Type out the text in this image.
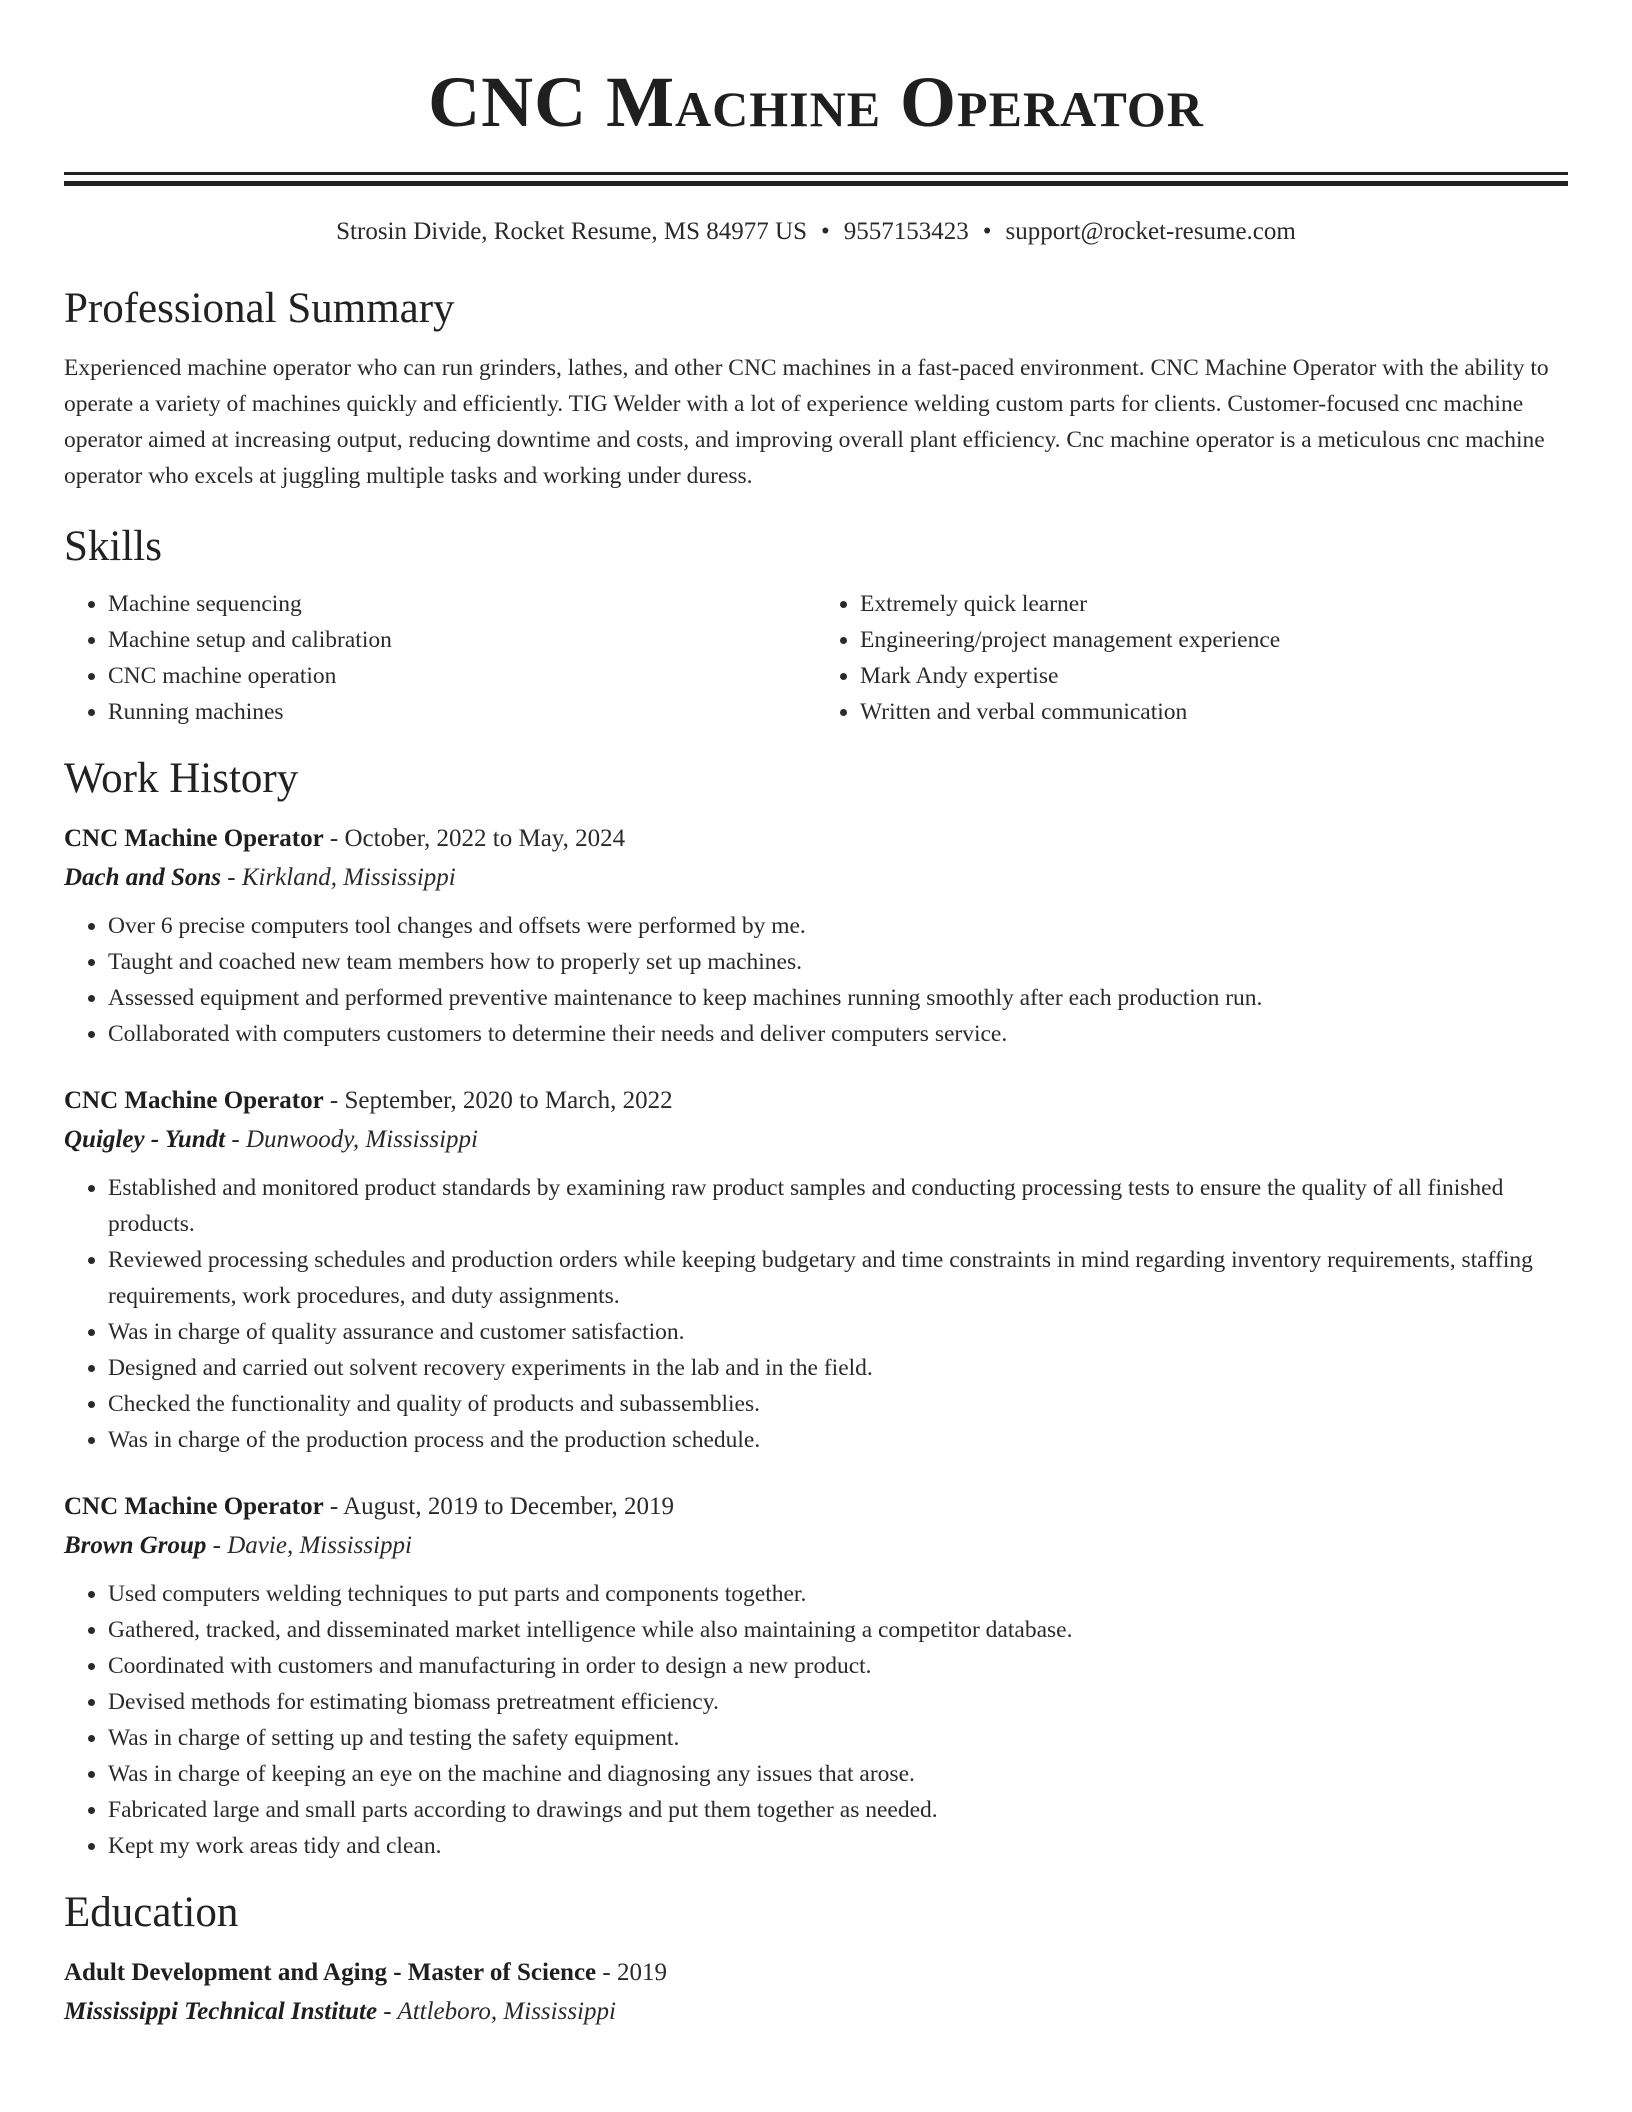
CNC Machine Operator
Strosin Divide, Rocket Resume, MS 84977 US • 9557153423 • support@rocket-resume.com
Professional Summary

Experienced machine operator who can run grinders, lathes, and other CNC machines in a fast-paced environment. CNC Machine Operator with the ability to operate a variety of machines quickly and efficiently. TIG Welder with a lot of experience welding custom parts for clients. Customer-focused cnc machine operator aimed at increasing output, reducing downtime and costs, and improving overall plant efficiency. Cnc machine operator is a meticulous cnc machine operator who excels at juggling multiple tasks and working under duress.

Skills
• Machine sequencing
• Machine setup and calibration
• CNC machine operation
• Running machines
• Extremely quick learner
• Engineering/project management experience
• Mark Andy expertise
• Written and verbal communication
Work History
CNC Machine Operator - October, 2022 to May, 2024
Dach and Sons - Kirkland, Mississippi
• Over 6 precise computers tool changes and offsets were performed by me.
• Taught and coached new team members how to properly set up machines.
• Assessed equipment and performed preventive maintenance to keep machines running smoothly after each production run.
• Collaborated with computers customers to determine their needs and deliver computers service.
CNC Machine Operator - September, 2020 to March, 2022
Quigley - Yundt - Dunwoody, Mississippi
• Established and monitored product standards by examining raw product samples and conducting processing tests to ensure the quality of all finished products.
• Reviewed processing schedules and production orders while keeping budgetary and time constraints in mind regarding inventory requirements, staffing requirements, work procedures, and duty assignments.
• Was in charge of quality assurance and customer satisfaction.
• Designed and carried out solvent recovery experiments in the lab and in the field.
• Checked the functionality and quality of products and subassemblies.
• Was in charge of the production process and the production schedule.
CNC Machine Operator - August, 2019 to December, 2019
Brown Group - Davie, Mississippi
• Used computers welding techniques to put parts and components together.
• Gathered, tracked, and disseminated market intelligence while also maintaining a competitor database.
• Coordinated with customers and manufacturing in order to design a new product.
• Devised methods for estimating biomass pretreatment efficiency.
• Was in charge of setting up and testing the safety equipment.
• Was in charge of keeping an eye on the machine and diagnosing any issues that arose.
• Fabricated large and small parts according to drawings and put them together as needed.
• Kept my work areas tidy and clean.
Education
Adult Development and Aging - Master of Science - 2019
Mississippi Technical Institute - Attleboro, Mississippi
